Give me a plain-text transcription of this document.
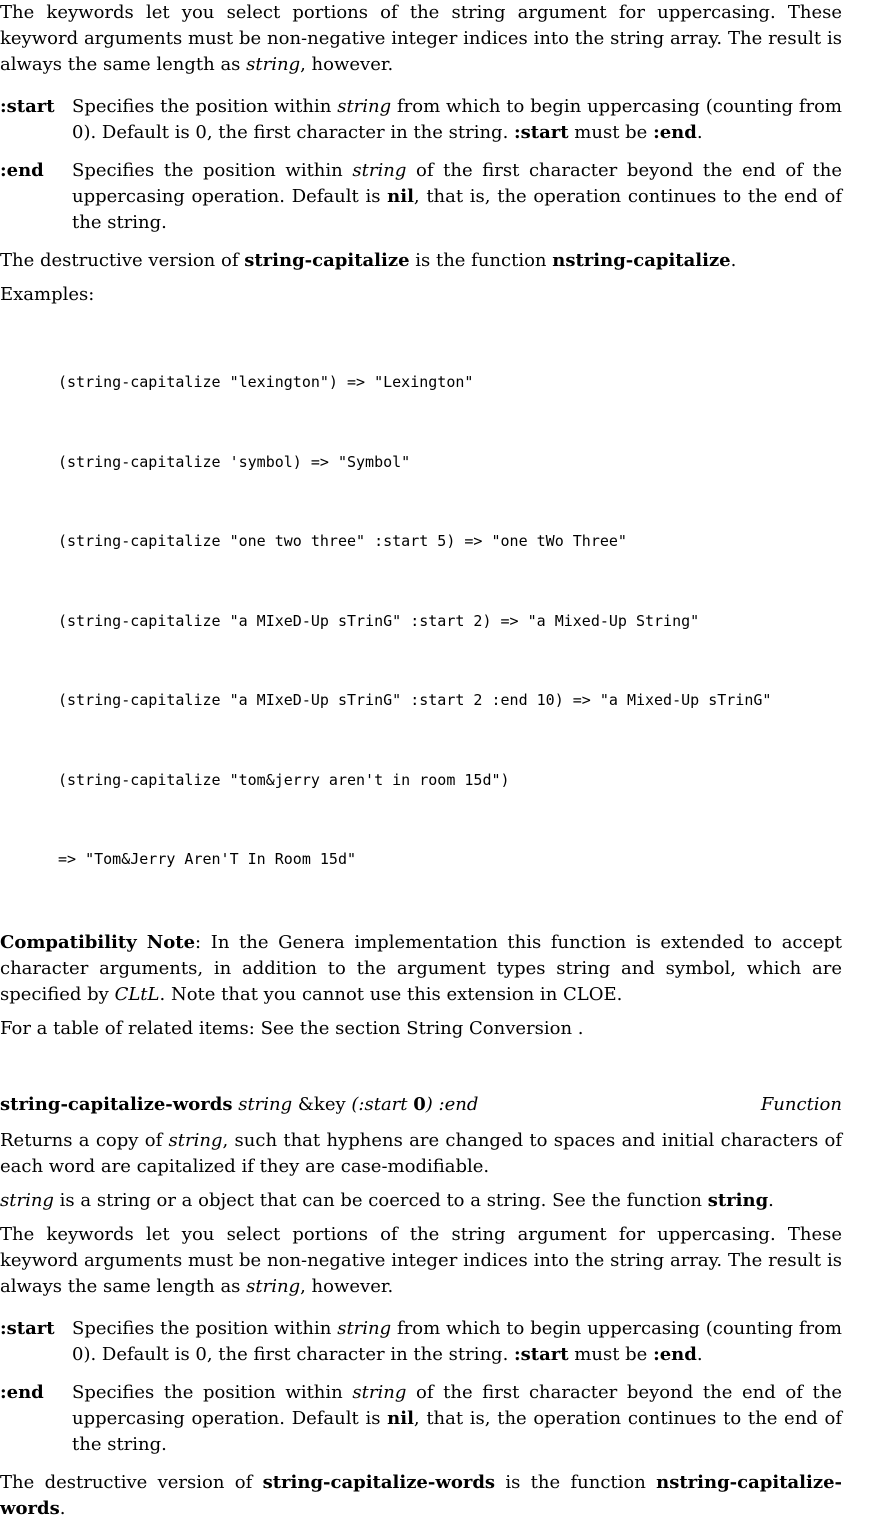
The keywords let you select portions of the string argument for uppercasing. These keyword arguments must be non-negative integer indices into the string array. The result is always the same length as string, however.

:start Specifies the position within string from which to begin uppercasing (counting from 0). Default is 0, the first character in the string. :start must be :end.
:end	Specifies the position within string of the first character beyond the end of the uppercasing operation. Default is nil, that is, the operation continues to the end of the string.

The destructive version of string-capitalize is the function nstring-capitalize.

Examples:

(string-capitalize "lexington") => "Lexington"

(string-capitalize 'symbol) => "Symbol"

(string-capitalize "one two three" :start 5) => "one tWo Three"

(string-capitalize "a MIxeD-Up sTrinG" :start 2) => "a Mixed-Up String"

(string-capitalize "a MIxeD-Up sTrinG" :start 2 :end 10) => "a Mixed-Up sTrinG"

(string-capitalize "tom&jerry aren't in room 15d")

=> "Tom&Jerry Aren'T In Room 15d"

Compatibility Note: In the Genera implementation this function is extended to accept character arguments, in addition to the argument types string and symbol, which are specified by CLtL. Note that you cannot use this extension in CLOE.

For a table of related items: See the section String Conversion .

string-capitalize-words string &key (:start 0) :end	Function

Returns a copy of string, such that hyphens are changed to spaces and initial characters of each word are capitalized if they are case-modifiable.

string is a string or a object that can be coerced to a string. See the function string.

The keywords let you select portions of the string argument for uppercasing. These keyword arguments must be non-negative integer indices into the string array. The result is always the same length as string, however.

:start Specifies the position within string from which to begin uppercasing (counting from 0). Default is 0, the first character in the string. :start must be :end.
:end	Specifies the position within string of the first character beyond the end of the uppercasing operation. Default is nil, that is, the operation continues to the end of the string.

The destructive version of string-capitalize-words is the function nstring-capitalize-words.
